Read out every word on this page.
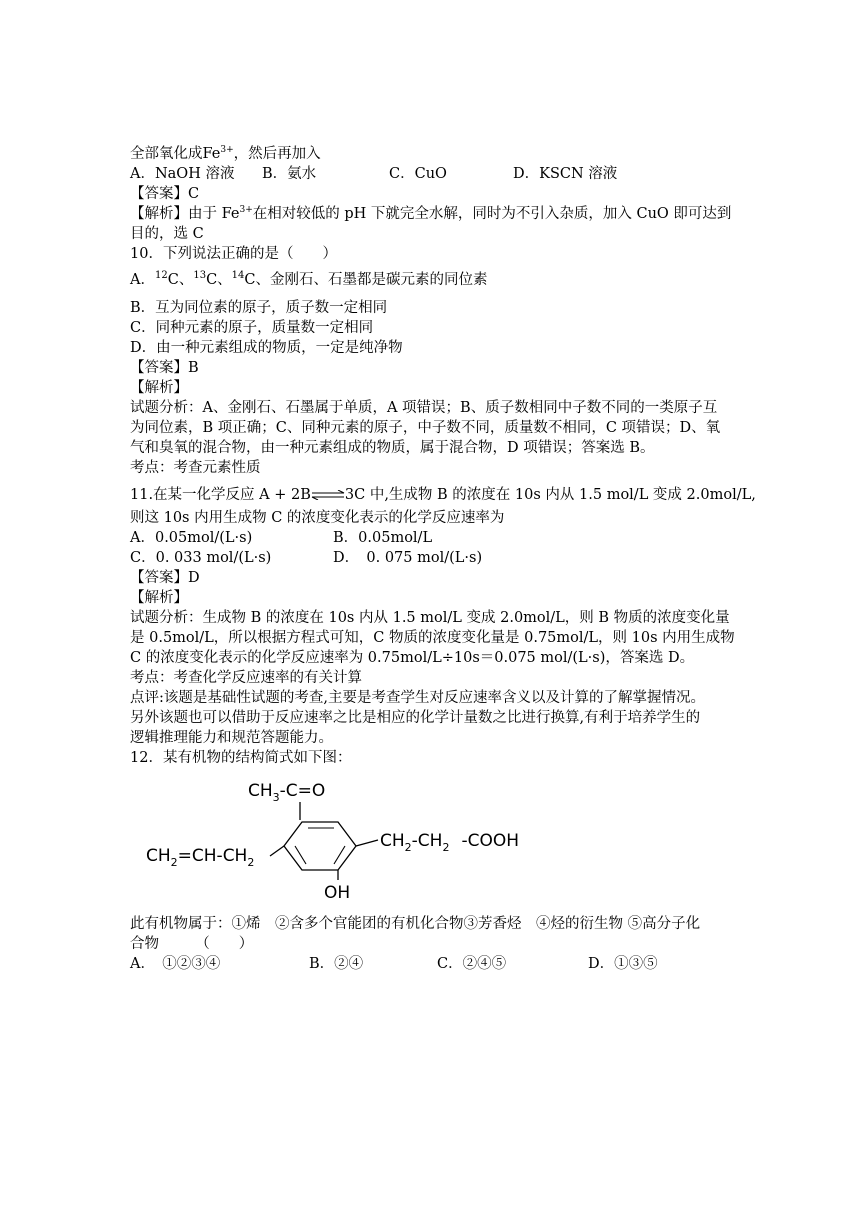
全部氧化成$Fe^{3+}$，然后再加入
A．NaOH 溶液	B．氨水	C．CuO	D．KSCN 溶液
【答案】C
【解析】由于 $Fe^{3+}$在相对较低的 pH 下就完全水解，同时为不引入杂质，加入 CuO 即可达到
目的，选 C
10．下列说法正确的是（　　）
A．$^{12}$C、$^{13}$C、$^{14}$C、金刚石、石墨都是碳元素的同位素
B．互为同位素的原子，质子数一定相同
C．同种元素的原子，质量数一定相同
D．由一种元素组成的物质，一定是纯净物
【答案】B
【解析】
试题分析：A、金刚石、石墨属于单质，A 项错误；B、质子数相同中子数不同的一类原子互
为同位素，B 项正确；C、同种元素的原子，中子数不同，质量数不相同，C 项错误；D、氧
气和臭氧的混合物，由一种元素组成的物质，属于混合物，D 项错误；答案选 B。
考点：考查元素性质
11.在某一化学反应 A + 2B⇌3C 中,生成物 B 的浓度在 10s 内从 1.5 mol/L 变成 2.0mol/L,
则这 10s 内用生成物 C 的浓度变化表示的化学反应速率为
A．0.05mol/(L·s)	B．0.05mol/L
C．0. 033 mol/(L·s)	D．　0. 075 mol/(L·s)
【答案】D
【解析】
试题分析：生成物 B 的浓度在 10s 内从 1.5 mol/L 变成 2.0mol/L，则 B 物质的浓度变化量
是 0.5mol/L，所以根据方程式可知，C 物质的浓度变化量是 0.75mol/L，则 10s 内用生成物
C 的浓度变化表示的化学反应速率为 0.75mol/L÷10s＝0.075 mol/(L·s)，答案选 D。
考点：考查化学反应速率的有关计算
点评:该题是基础性试题的考查,主要是考查学生对反应速率含义以及计算的了解掌握情况。
另外该题也可以借助于反应速率之比是相应的化学计量数之比进行换算,有利于培养学生的
逻辑推理能力和规范答题能力。
12．某有机物的结构简式如下图：
$CH_3-C=O$
$CH_2=CH-CH_2$
$CH_2-CH_2$ -COOH
OH
此有机物属于：①烯　②含多个官能团的有机化合物③芳香烃　④烃的衍生物 ⑤高分子化
合物　　　（　　）
A．　①②③④	B．②④	C．②④⑤	D．①③⑤
